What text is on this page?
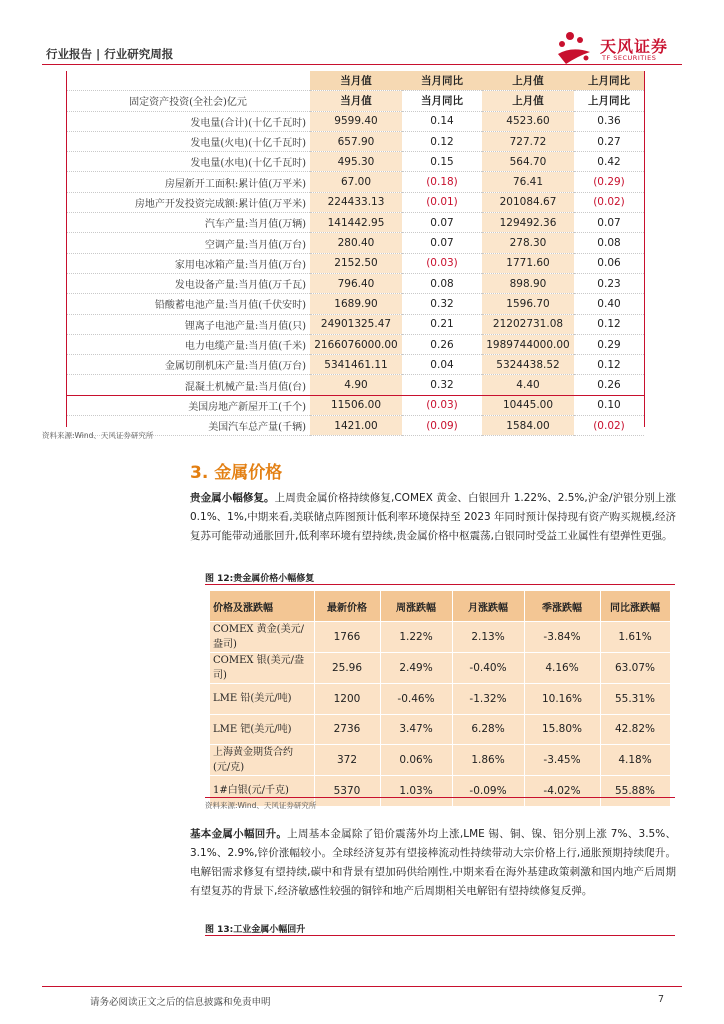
行业报告 | 行业研究周报	天风证券
TF SECURITIES
	当月值	当月同比	上月值	上月同比
固定资产投资(全社会)亿元	当月值	当月同比	上月值	上月同比
发电量(合计)(十亿千瓦时)	9599.40	0.14	4523.60	0.36
发电量(火电)(十亿千瓦时)	657.90	0.12	727.72	0.27
发电量(水电)(十亿千瓦时)	495.30	0.15	564.70	0.42
房屋新开工面积:累计值(万平米)	67.00	(0.18)	76.41	(0.29)
房地产开发投资完成额:累计值(万平米)	224433.13	(0.01)	201084.67	(0.02)
汽车产量:当月值(万辆)	141442.95	0.07	129492.36	0.07
空调产量:当月值(万台)	280.40	0.07	278.30	0.08
家用电冰箱产量:当月值(万台)	2152.50	(0.03)	1771.60	0.06
发电设备产量:当月值(万千瓦)	796.40	0.08	898.90	0.23
铅酸蓄电池产量:当月值(千伏安时)	1689.90	0.32	1596.70	0.40
锂离子电池产量:当月值(只)	24901325.47	0.21	21202731.08	0.12
电力电缆产量:当月值(千米)	2166076000.00	0.26	1989744000.00	0.29
金属切削机床产量:当月值(万台)	5341461.11	0.04	5324438.52	0.12
混凝土机械产量:当月值(台)	4.90	0.32	4.40	0.26
美国房地产新屋开工(千个)	11506.00	(0.03)	10445.00	0.10
美国汽车总产量(千辆)	1421.00	(0.09)	1584.00	(0.02)
资料来源:Wind、天风证券研究所
3. 金属价格
贵金属小幅修复。上周贵金属价格持续修复,COMEX 黄金、白银回升 1.22%、2.5%,沪金/沪银分别上涨 0.1%、1%,中期来看,美联储点阵图预计低利率环境保持至 2023 年同时预计保持现有资产购买规模,经济复苏可能带动通胀回升,低利率环境有望持续,贵金属价格中枢震荡,白银同时受益工业属性有望弹性更强。
图 12:贵金属价格小幅修复
价格及涨跌幅	最新价格	周涨跌幅	月涨跌幅	季涨跌幅	同比涨跌幅
COMEX 黄金(美元/盎司)	1766	1.22%	2.13%	-3.84%	1.61%
COMEX 银(美元/盎司)	25.96	2.49%	-0.40%	4.16%	63.07%
LME 铅(美元/吨)	1200	-0.46%	-1.32%	10.16%	55.31%
LME 钯(美元/吨)	2736	3.47%	6.28%	15.80%	42.82%
上海黄金期货合约 (元/克)	372	0.06%	1.86%	-3.45%	4.18%
1#白银(元/千克)	5370	1.03%	-0.09%	-4.02%	55.88%
资料来源:Wind、天风证券研究所
基本金属小幅回升。上周基本金属除了铅价震荡外均上涨,LME 锡、铜、镍、铝分别上涨 7%、3.5%、3.1%、2.9%,锌价涨幅较小。全球经济复苏有望接棒流动性持续带动大宗价格上行,通胀预期持续爬升。电解铝需求修复有望持续,碳中和背景有望加码供给刚性,中期来看在海外基建政策刺激和国内地产后周期有望复苏的背景下,经济敏感性较强的铜锌和地产后周期相关电解铝有望持续修复反弹。
图 13:工业金属小幅回升
请务必阅读正文之后的信息披露和免责申明	7
